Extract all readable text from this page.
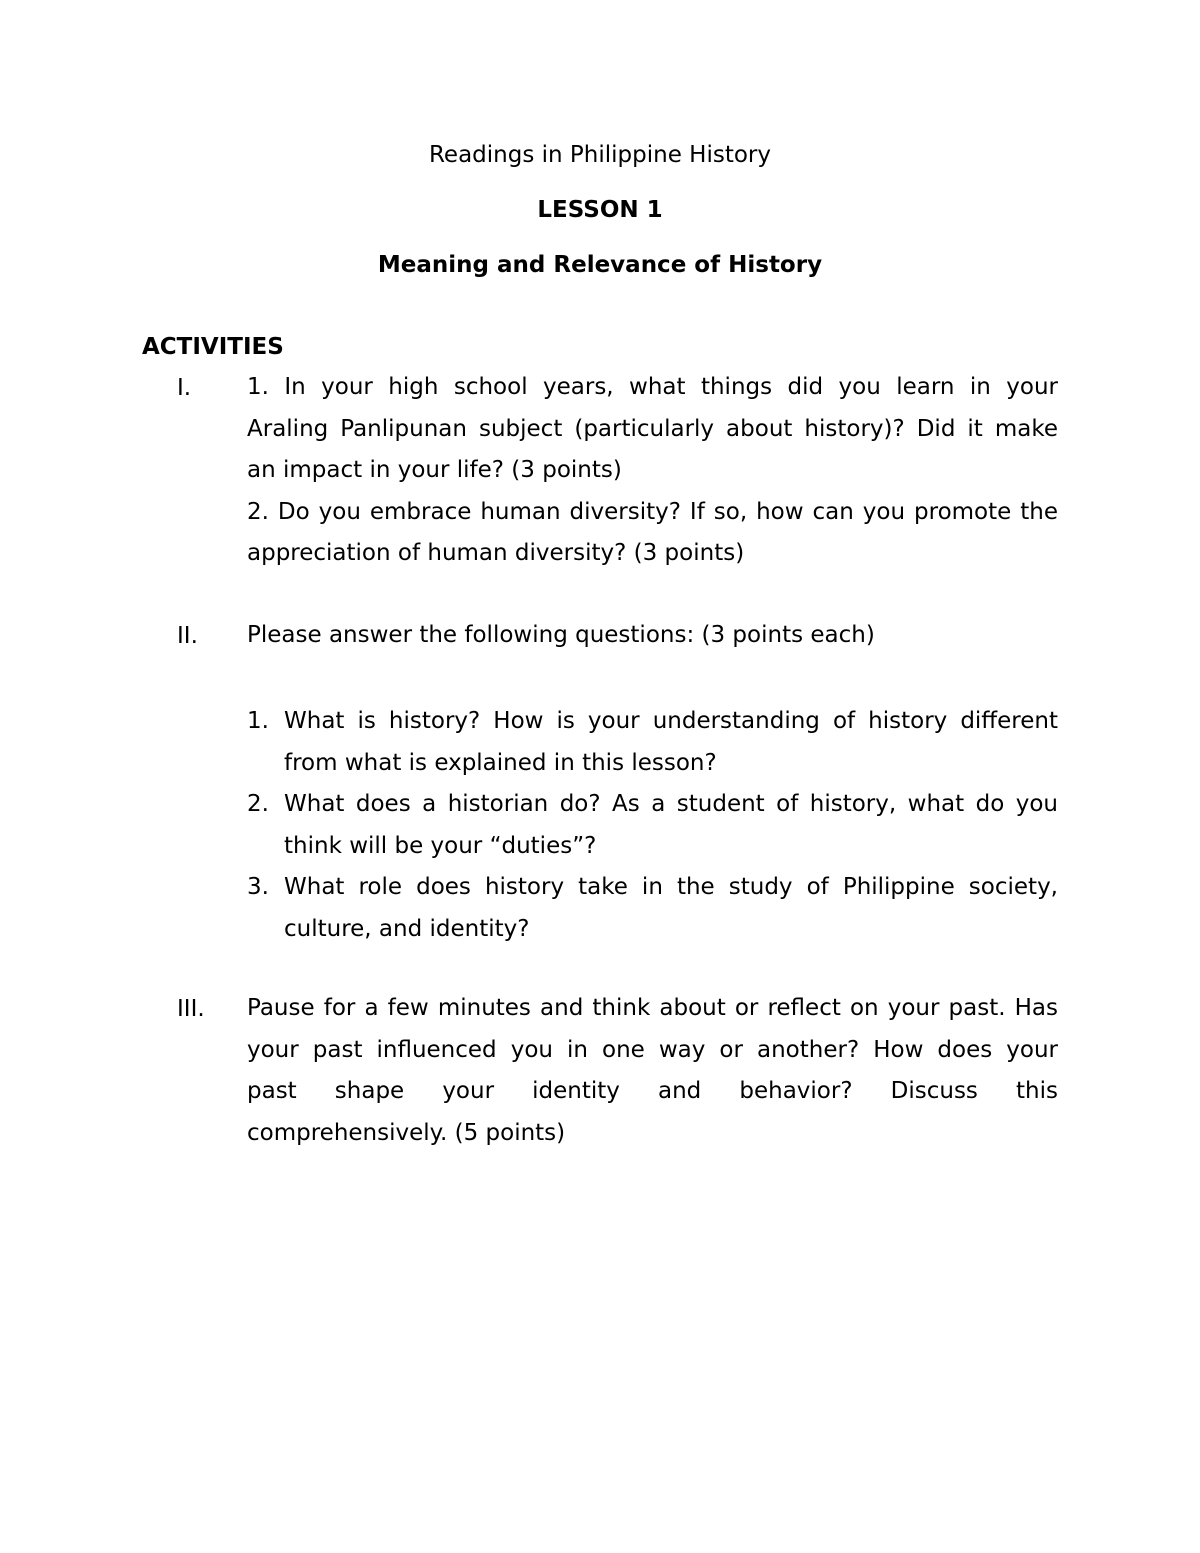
Readings in Philippine History
LESSON 1
Meaning and Relevance of History
ACTIVITIES
I. 1. In your high school years, what things did you learn in your
Araling Panlipunan subject (particularly about history)? Did it make
an impact in your life? (3 points)
2. Do you embrace human diversity? If so, how can you promote the
appreciation of human diversity? (3 points)
II. Please answer the following questions: (3 points each)
1. What is history? How is your understanding of history different
from what is explained in this lesson?
2. What does a historian do? As a student of history, what do you
think will be your “duties”?
3. What role does history take in the study of Philippine society,
culture, and identity?
III. Pause for a few minutes and think about or reflect on your past. Has
your past influenced you in one way or another? How does your
past shape your identity and behavior? Discuss this
comprehensively. (5 points)
